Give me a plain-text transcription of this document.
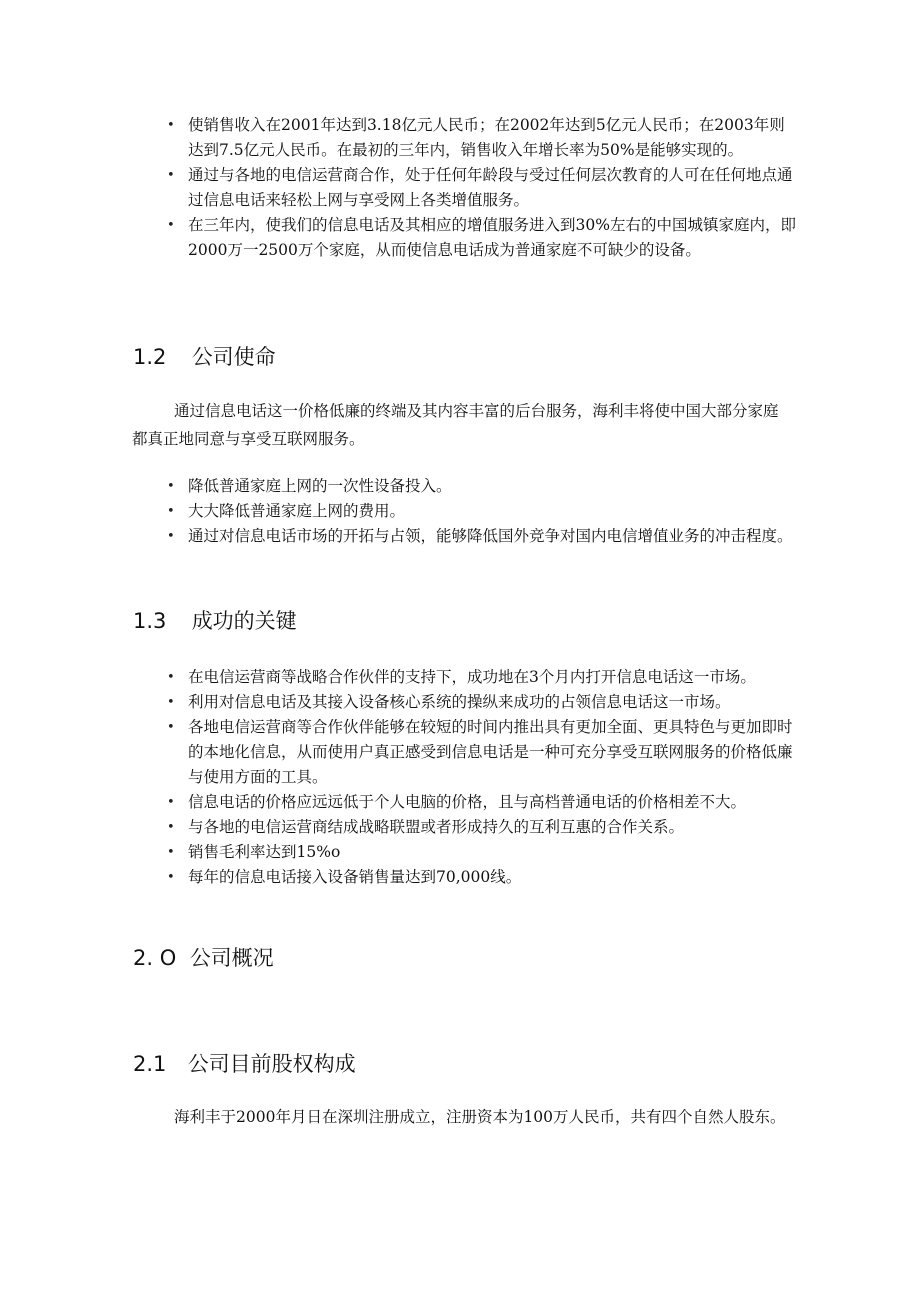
• 使销售收入在2001年达到3.18亿元人民币；在2002年达到5亿元人民币；在2003年则达到7.5亿元人民币。在最初的三年内，销售收入年增长率为50%是能够实现的。
• 通过与各地的电信运营商合作，处于任何年龄段与受过任何层次教育的人可在任何地点通过信息电话来轻松上网与享受网上各类增值服务。
• 在三年内，使我们的信息电话及其相应的增值服务进入到30%左右的中国城镇家庭内，即2000万一2500万个家庭，从而使信息电话成为普通家庭不可缺少的设备。
1.2 公司使命

通过信息电话这一价格低廉的终端及其内容丰富的后台服务，海利丰将使中国大部分家庭都真正地同意与享受互联网服务。

• 降低普通家庭上网的一次性设备投入。
• 大大降低普通家庭上网的费用。
• 通过对信息电话市场的开拓与占领，能够降低国外竞争对国内电信增值业务的冲击程度。
1.3 成功的关键
• 在电信运营商等战略合作伙伴的支持下，成功地在3个月内打开信息电话这一市场。
• 利用对信息电话及其接入设备核心系统的操纵来成功的占领信息电话这一市场。
• 各地电信运营商等合作伙伴能够在较短的时间内推出具有更加全面、更具特色与更加即时的本地化信息，从而使用户真正感受到信息电话是一种可充分享受互联网服务的价格低廉与使用方面的工具。
• 信息电话的价格应远远低于个人电脑的价格，且与高档普通电话的价格相差不大。
• 与各地的电信运营商结成战略联盟或者形成持久的互利互惠的合作关系。
• 销售毛利率达到15%o
• 每年的信息电话接入设备销售量达到70,000线。
2. O 公司概况
2.1 公司目前股权构成

海利丰于2000年月日在深圳注册成立，注册资本为100万人民币，共有四个自然人股东。
